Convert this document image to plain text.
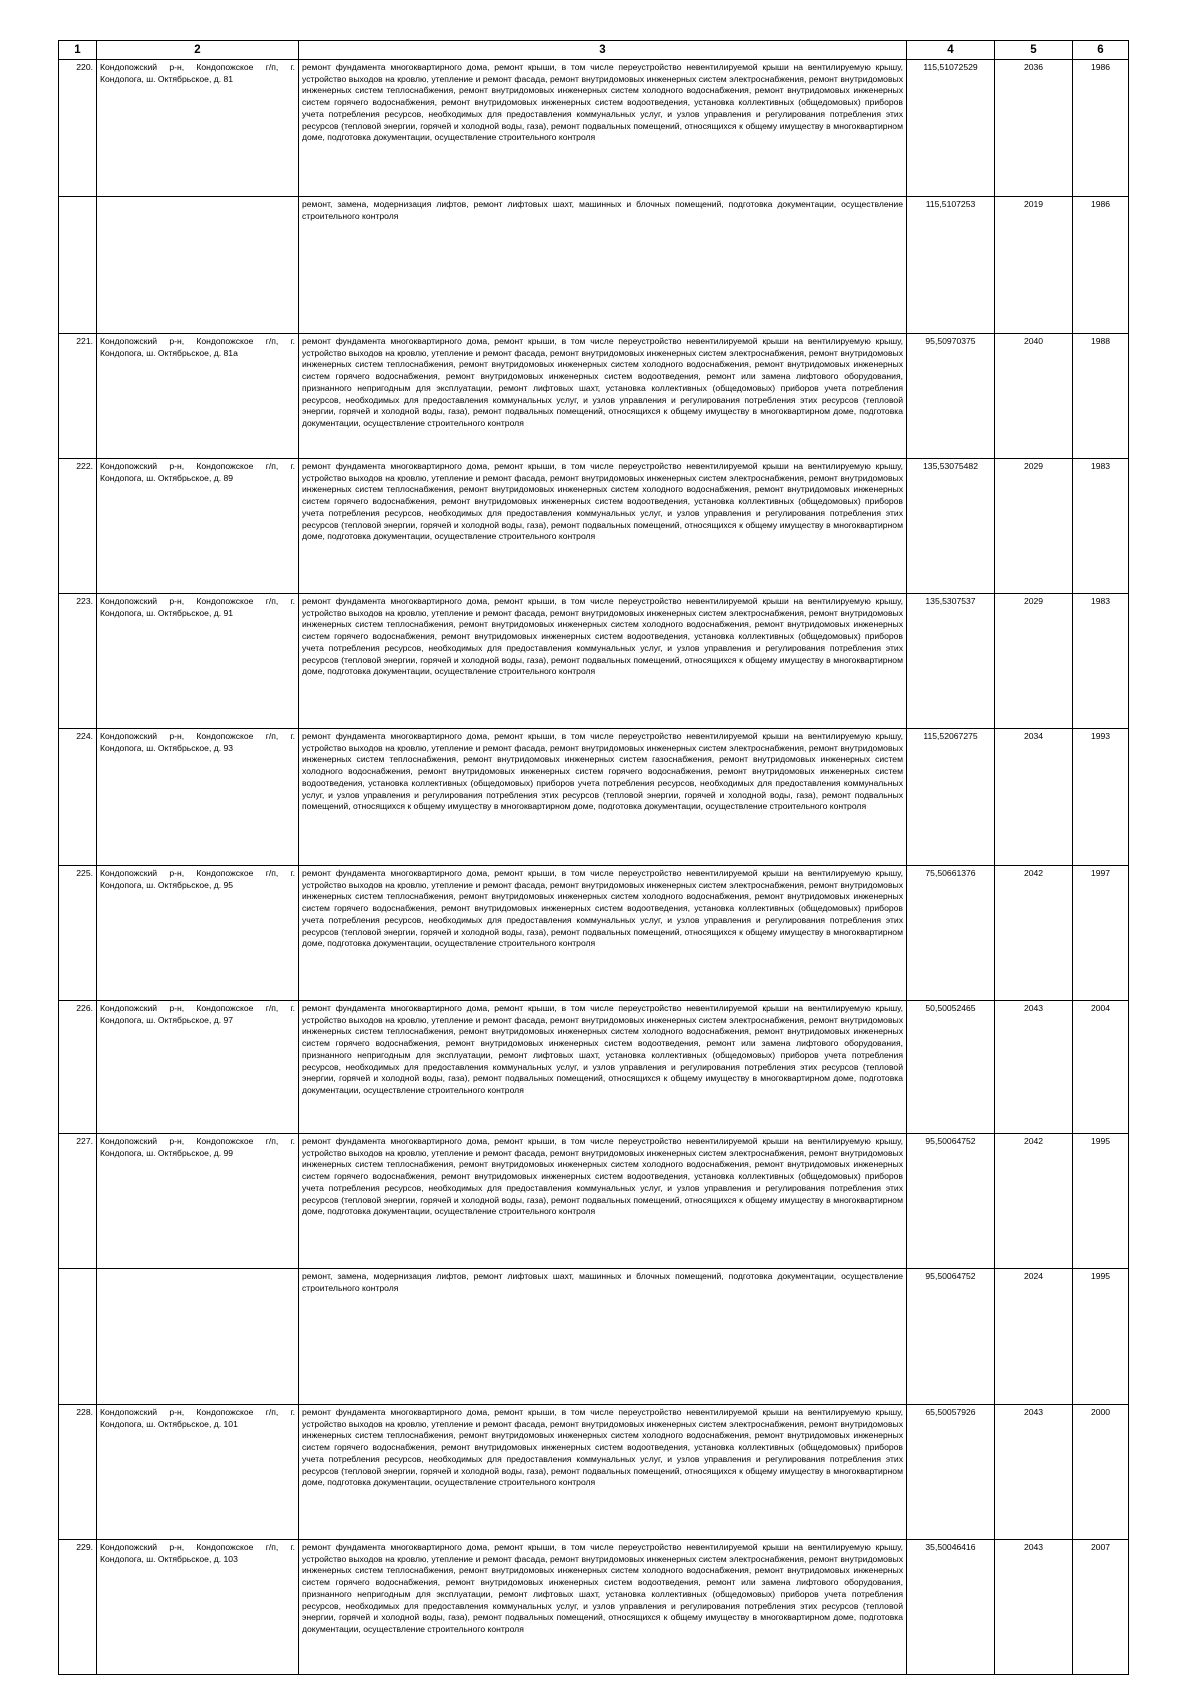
1	2	3	4	5	6
220.	Кондопожский р-н, Кондопожское г/п, г. Кондопога, ш. Октябрьское, д. 81	ремонт фундамента многоквартирного дома, ремонт крыши, в том числе переустройство невентилируемой крыши на вентилируемую крышу, устройство выходов на кровлю, утепление и ремонт фасада, ремонт внутридомовых инженерных систем электроснабжения, ремонт внутридомовых инженерных систем теплоснабжения, ремонт внутридомовых инженерных систем холодного водоснабжения, ремонт внутридомовых инженерных систем горячего водоснабжения, ремонт внутридомовых инженерных систем водоотведения, установка коллективных (общедомовых) приборов учета потребления ресурсов, необходимых для предоставления коммунальных услуг, и узлов управления и регулирования потребления этих ресурсов (тепловой энергии, горячей и холодной воды, газа), ремонт подвальных помещений, относящихся к общему имуществу в многоквартирном доме, подготовка документации, осуществление строительного контроля	115,51072529	2036	1986
		ремонт, замена, модернизация лифтов, ремонт лифтовых шахт, машинных и блочных помещений, подготовка документации, осуществление строительного контроля	115,5107253	2019	1986
221.	Кондопожский р-н, Кондопожское г/п, г. Кондопога, ш. Октябрьское, д. 81а	ремонт фундамента многоквартирного дома, ремонт крыши, в том числе переустройство невентилируемой крыши на вентилируемую крышу, устройство выходов на кровлю, утепление и ремонт фасада, ремонт внутридомовых инженерных систем электроснабжения, ремонт внутридомовых инженерных систем теплоснабжения, ремонт внутридомовых инженерных систем холодного водоснабжения, ремонт внутридомовых инженерных систем горячего водоснабжения, ремонт внутридомовых инженерных систем водоотведения, ремонт или замена лифтового оборудования, признанного непригодным для эксплуатации, ремонт лифтовых шахт, установка коллективных (общедомовых) приборов учета потребления ресурсов, необходимых для предоставления коммунальных услуг, и узлов управления и регулирования потребления этих ресурсов (тепловой энергии, горячей и холодной воды, газа), ремонт подвальных помещений, относящихся к общему имуществу в многоквартирном доме, подготовка документации, осуществление строительного контроля	95,50970375	2040	1988
222.	Кондопожский р-н, Кондопожское г/п, г. Кондопога, ш. Октябрьское, д. 89	ремонт фундамента многоквартирного дома, ремонт крыши, в том числе переустройство невентилируемой крыши на вентилируемую крышу, устройство выходов на кровлю, утепление и ремонт фасада, ремонт внутридомовых инженерных систем электроснабжения, ремонт внутридомовых инженерных систем теплоснабжения, ремонт внутридомовых инженерных систем холодного водоснабжения, ремонт внутридомовых инженерных систем горячего водоснабжения, ремонт внутридомовых инженерных систем водоотведения, установка коллективных (общедомовых) приборов учета потребления ресурсов, необходимых для предоставления коммунальных услуг, и узлов управления и регулирования потребления этих ресурсов (тепловой энергии, горячей и холодной воды, газа), ремонт подвальных помещений, относящихся к общему имуществу в многоквартирном доме, подготовка документации, осуществление строительного контроля	135,53075482	2029	1983
223.	Кондопожский р-н, Кондопожское г/п, г. Кондопога, ш. Октябрьское, д. 91	ремонт фундамента многоквартирного дома, ремонт крыши, в том числе переустройство невентилируемой крыши на вентилируемую крышу, устройство выходов на кровлю, утепление и ремонт фасада, ремонт внутридомовых инженерных систем электроснабжения, ремонт внутридомовых инженерных систем теплоснабжения, ремонт внутридомовых инженерных систем холодного водоснабжения, ремонт внутридомовых инженерных систем горячего водоснабжения, ремонт внутридомовых инженерных систем водоотведения, установка коллективных (общедомовых) приборов учета потребления ресурсов, необходимых для предоставления коммунальных услуг, и узлов управления и регулирования потребления этих ресурсов (тепловой энергии, горячей и холодной воды, газа), ремонт подвальных помещений, относящихся к общему имуществу в многоквартирном доме, подготовка документации, осуществление строительного контроля	135,5307537	2029	1983
224.	Кондопожский р-н, Кондопожское г/п, г. Кондопога, ш. Октябрьское, д. 93	ремонт фундамента многоквартирного дома, ремонт крыши, в том числе переустройство невентилируемой крыши на вентилируемую крышу, устройство выходов на кровлю, утепление и ремонт фасада, ремонт внутридомовых инженерных систем электроснабжения, ремонт внутридомовых инженерных систем теплоснабжения, ремонт внутридомовых инженерных систем газоснабжения, ремонт внутридомовых инженерных систем холодного водоснабжения, ремонт внутридомовых инженерных систем горячего водоснабжения, ремонт внутридомовых инженерных систем водоотведения, установка коллективных (общедомовых) приборов учета потребления ресурсов, необходимых для предоставления коммунальных услуг, и узлов управления и регулирования потребления этих ресурсов (тепловой энергии, горячей и холодной воды, газа), ремонт подвальных помещений, относящихся к общему имуществу в многоквартирном доме, подготовка документации, осуществление строительного контроля	115,52067275	2034	1993
225.	Кондопожский р-н, Кондопожское г/п, г. Кондопога, ш. Октябрьское, д. 95	ремонт фундамента многоквартирного дома, ремонт крыши, в том числе переустройство невентилируемой крыши на вентилируемую крышу, устройство выходов на кровлю, утепление и ремонт фасада, ремонт внутридомовых инженерных систем электроснабжения, ремонт внутридомовых инженерных систем теплоснабжения, ремонт внутридомовых инженерных систем холодного водоснабжения, ремонт внутридомовых инженерных систем горячего водоснабжения, ремонт внутридомовых инженерных систем водоотведения, установка коллективных (общедомовых) приборов учета потребления ресурсов, необходимых для предоставления коммунальных услуг, и узлов управления и регулирования потребления этих ресурсов (тепловой энергии, горячей и холодной воды, газа), ремонт подвальных помещений, относящихся к общему имуществу в многоквартирном доме, подготовка документации, осуществление строительного контроля	75,50661376	2042	1997
226.	Кондопожский р-н, Кондопожское г/п, г. Кондопога, ш. Октябрьское, д. 97	ремонт фундамента многоквартирного дома, ремонт крыши, в том числе переустройство невентилируемой крыши на вентилируемую крышу, устройство выходов на кровлю, утепление и ремонт фасада, ремонт внутридомовых инженерных систем электроснабжения, ремонт внутридомовых инженерных систем теплоснабжения, ремонт внутридомовых инженерных систем холодного водоснабжения, ремонт внутридомовых инженерных систем горячего водоснабжения, ремонт внутридомовых инженерных систем водоотведения, ремонт или замена лифтового оборудования, признанного непригодным для эксплуатации, ремонт лифтовых шахт, установка коллективных (общедомовых) приборов учета потребления ресурсов, необходимых для предоставления коммунальных услуг, и узлов управления и регулирования потребления этих ресурсов (тепловой энергии, горячей и холодной воды, газа), ремонт подвальных помещений, относящихся к общему имуществу в многоквартирном доме, подготовка документации, осуществление строительного контроля	50,50052465	2043	2004
227.	Кондопожский р-н, Кондопожское г/п, г. Кондопога, ш. Октябрьское, д. 99	ремонт фундамента многоквартирного дома, ремонт крыши, в том числе переустройство невентилируемой крыши на вентилируемую крышу, устройство выходов на кровлю, утепление и ремонт фасада, ремонт внутридомовых инженерных систем электроснабжения, ремонт внутридомовых инженерных систем теплоснабжения, ремонт внутридомовых инженерных систем холодного водоснабжения, ремонт внутридомовых инженерных систем горячего водоснабжения, ремонт внутридомовых инженерных систем водоотведения, установка коллективных (общедомовых) приборов учета потребления ресурсов, необходимых для предоставления коммунальных услуг, и узлов управления и регулирования потребления этих ресурсов (тепловой энергии, горячей и холодной воды, газа), ремонт подвальных помещений, относящихся к общему имуществу в многоквартирном доме, подготовка документации, осуществление строительного контроля	95,50064752	2042	1995
		ремонт, замена, модернизация лифтов, ремонт лифтовых шахт, машинных и блочных помещений, подготовка документации, осуществление строительного контроля	95,50064752	2024	1995
228.	Кондопожский р-н, Кондопожское г/п, г. Кондопога, ш. Октябрьское, д. 101	ремонт фундамента многоквартирного дома, ремонт крыши, в том числе переустройство невентилируемой крыши на вентилируемую крышу, устройство выходов на кровлю, утепление и ремонт фасада, ремонт внутридомовых инженерных систем электроснабжения, ремонт внутридомовых инженерных систем теплоснабжения, ремонт внутридомовых инженерных систем холодного водоснабжения, ремонт внутридомовых инженерных систем горячего водоснабжения, ремонт внутридомовых инженерных систем водоотведения, установка коллективных (общедомовых) приборов учета потребления ресурсов, необходимых для предоставления коммунальных услуг, и узлов управления и регулирования потребления этих ресурсов (тепловой энергии, горячей и холодной воды, газа), ремонт подвальных помещений, относящихся к общему имуществу в многоквартирном доме, подготовка документации, осуществление строительного контроля	65,50057926	2043	2000
229.	Кондопожский р-н, Кондопожское г/п, г. Кондопога, ш. Октябрьское, д. 103	ремонт фундамента многоквартирного дома, ремонт крыши, в том числе переустройство невентилируемой крыши на вентилируемую крышу, устройство выходов на кровлю, утепление и ремонт фасада, ремонт внутридомовых инженерных систем электроснабжения, ремонт внутридомовых инженерных систем теплоснабжения, ремонт внутридомовых инженерных систем холодного водоснабжения, ремонт внутридомовых инженерных систем горячего водоснабжения, ремонт внутридомовых инженерных систем водоотведения, ремонт или замена лифтового оборудования, признанного непригодным для эксплуатации, ремонт лифтовых шахт, установка коллективных (общедомовых) приборов учета потребления ресурсов, необходимых для предоставления коммунальных услуг, и узлов управления и регулирования потребления этих ресурсов (тепловой энергии, горячей и холодной воды, газа), ремонт подвальных помещений, относящихся к общему имуществу в многоквартирном доме, подготовка документации, осуществление строительного контроля	35,50046416	2043	2007
